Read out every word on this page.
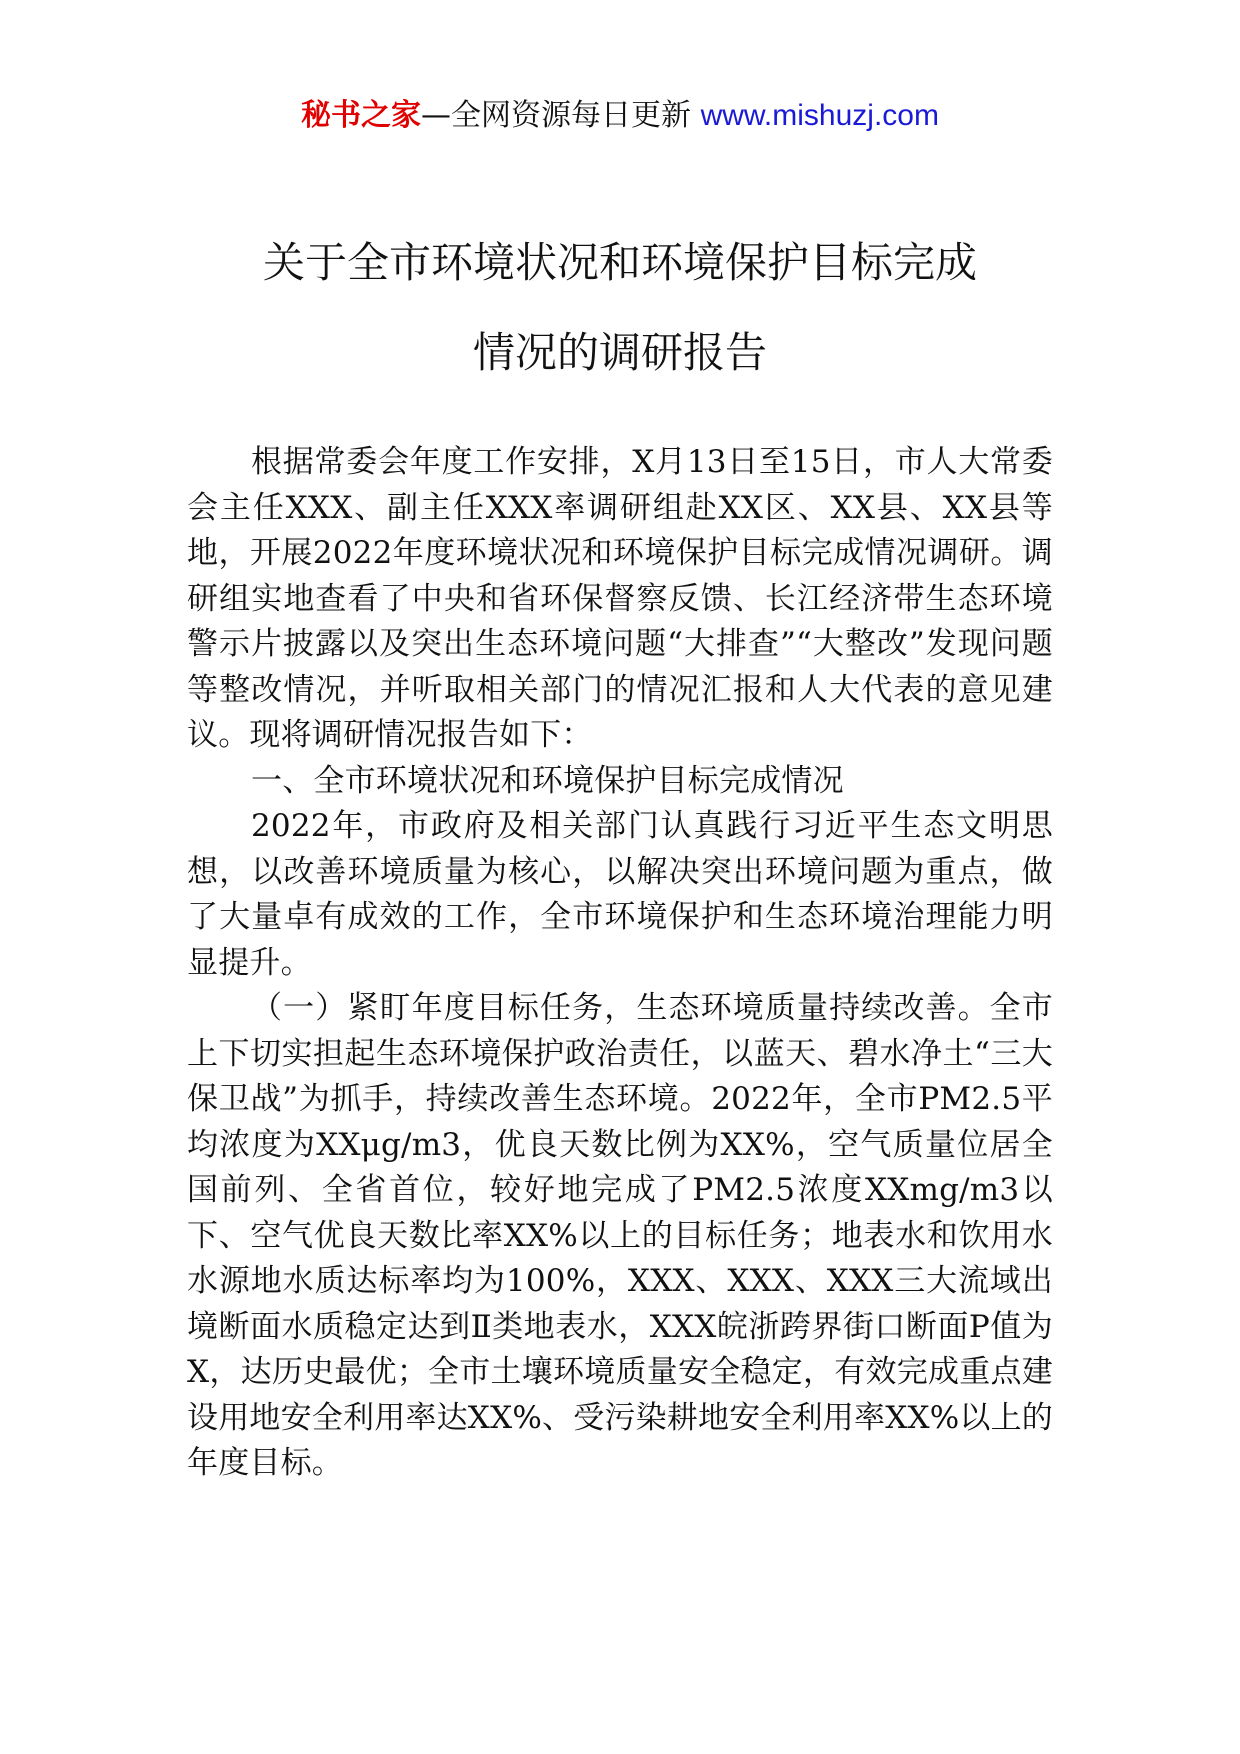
秘书之家—全网资源每日更新 www.mishuzj.com
关于全市环境状况和环境保护目标完成
情况的调研报告

根据常委会年度工作安排，X月13日至15日，市人大常委会主任XXX、副主任XXX率调研组赴XX区、XX县、XX县等地，开展2022年度环境状况和环境保护目标完成情况调研。调研组实地查看了中央和省环保督察反馈、长江经济带生态环境警示片披露以及突出生态环境问题“大排查”“大整改”发现问题等整改情况，并听取相关部门的情况汇报和人大代表的意见建议。现将调研情况报告如下：

一、全市环境状况和环境保护目标完成情况

2022年，市政府及相关部门认真践行习近平生态文明思想，以改善环境质量为核心，以解决突出环境问题为重点，做了大量卓有成效的工作，全市环境保护和生态环境治理能力明显提升。

（一）紧盯年度目标任务，生态环境质量持续改善。全市上下切实担起生态环境保护政治责任，以蓝天、碧水净土“三大保卫战”为抓手，持续改善生态环境。2022年，全市PM2.5平均浓度为XXμg/m3，优良天数比例为XX%，空气质量位居全国前列、全省首位，较好地完成了PM2.5浓度XXmg/m3以下、空气优良天数比率XX%以上的目标任务；地表水和饮用水水源地水质达标率均为100%，XXX、XXX、XXX三大流域出境断面水质稳定达到Ⅱ类地表水，XXX皖浙跨界街口断面P值为X，达历史最优；全市土壤环境质量安全稳定，有效完成重点建设用地安全利用率达XX%、受污染耕地安全利用率XX%以上的年度目标。
